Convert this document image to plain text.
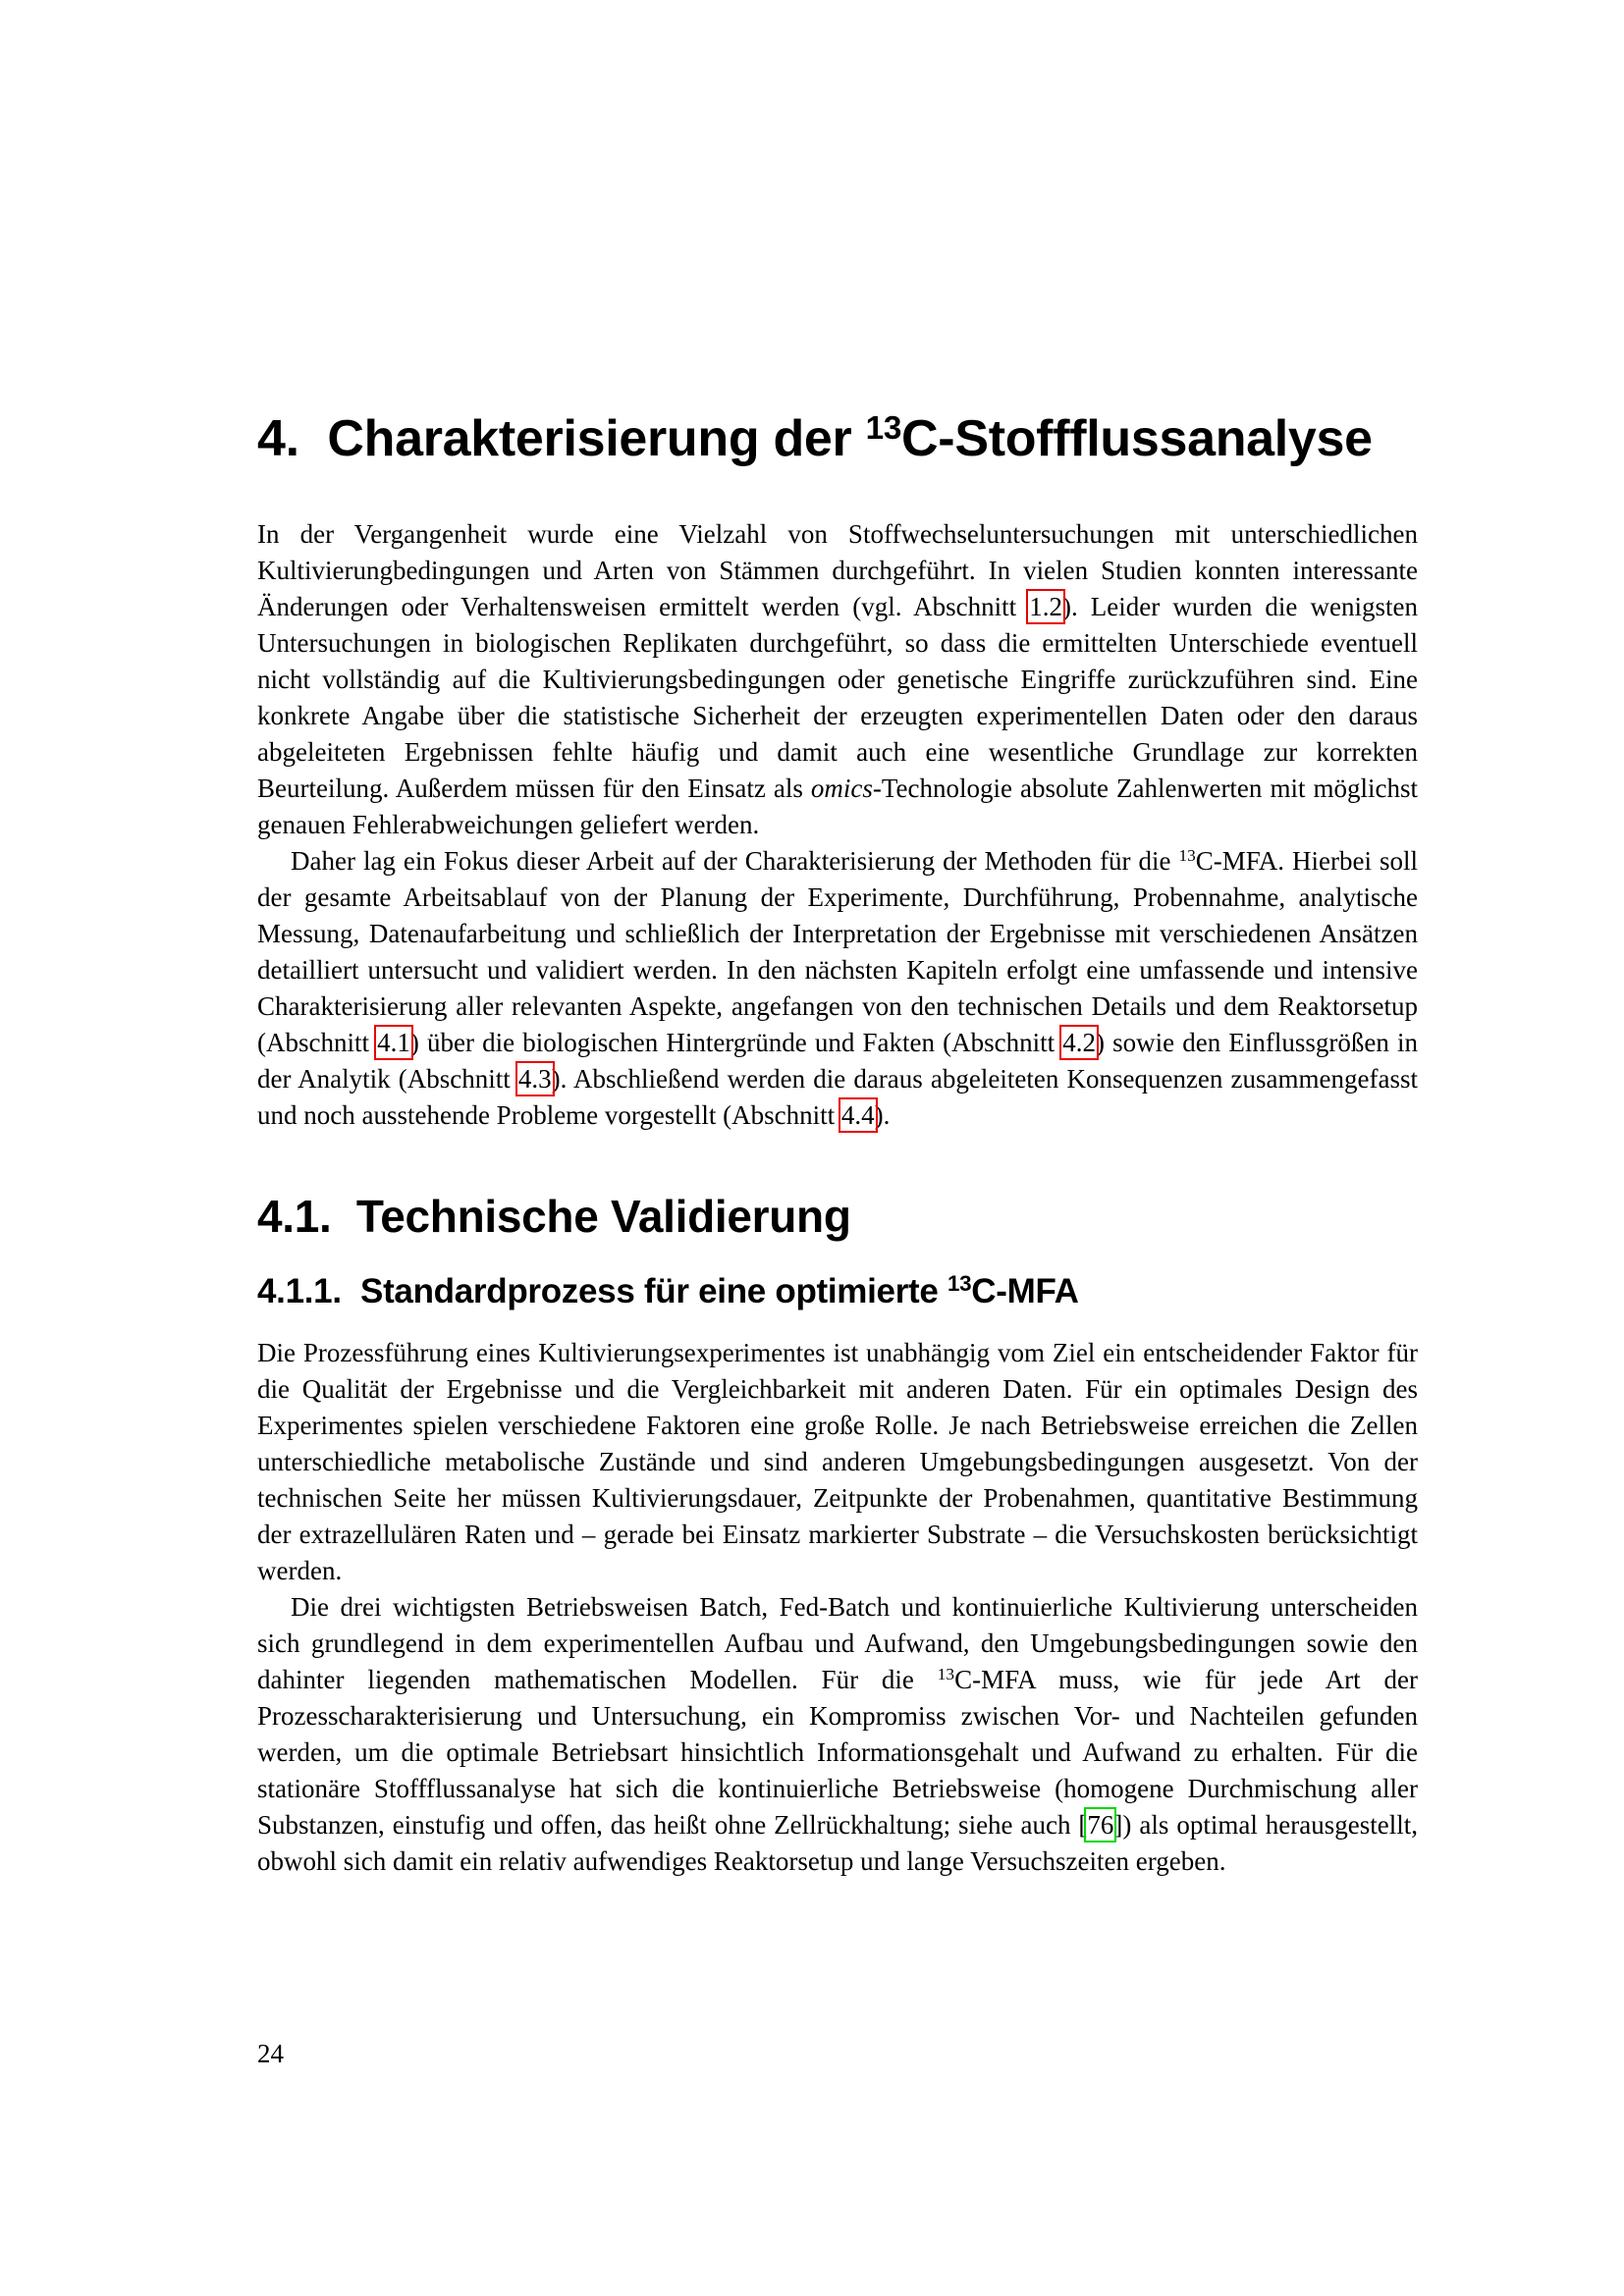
4. Charakterisierung der $^{13}$C-Stoffflussanalyse

In der Vergangenheit wurde eine Vielzahl von Stoffwechseluntersuchungen mit unterschiedlichen Kultivierungbedingungen und Arten von Stämmen durchgeführt. In vielen Studien konnten interessante Änderungen oder Verhaltensweisen ermittelt werden (vgl. Abschnitt 1.2). Leider wurden die wenigsten Untersuchungen in biologischen Replikaten durchgeführt, so dass die ermittelten Unterschiede eventuell nicht vollständig auf die Kultivierungsbedingungen oder genetische Eingriffe zurückzuführen sind. Eine konkrete Angabe über die statistische Sicherheit der erzeugten experimentellen Daten oder den daraus abgeleiteten Ergebnissen fehlte häufig und damit auch eine wesentliche Grundlage zur korrekten Beurteilung. Außerdem müssen für den Einsatz als omics-Technologie absolute Zahlenwerten mit möglichst genauen Fehlerabweichungen geliefert werden.

Daher lag ein Fokus dieser Arbeit auf der Charakterisierung der Methoden für die $^{13}$C-MFA. Hierbei soll der gesamte Arbeitsablauf von der Planung der Experimente, Durchführung, Probennahme, analytische Messung, Datenaufarbeitung und schließlich der Interpretation der Ergebnisse mit verschiedenen Ansätzen detailliert untersucht und validiert werden. In den nächsten Kapiteln erfolgt eine umfassende und intensive Charakterisierung aller relevanten Aspekte, angefangen von den technischen Details und dem Reaktorsetup (Abschnitt 4.1) über die biologischen Hintergründe und Fakten (Abschnitt 4.2) sowie den Einflussgrößen in der Analytik (Abschnitt 4.3). Abschließend werden die daraus abgeleiteten Konsequenzen zusammengefasst und noch ausstehende Probleme vorgestellt (Abschnitt 4.4).

4.1. Technische Validierung
4.1.1. Standardprozess für eine optimierte $^{13}$C-MFA

Die Prozessführung eines Kultivierungsexperimentes ist unabhängig vom Ziel ein entscheidender Faktor für die Qualität der Ergebnisse und die Vergleichbarkeit mit anderen Daten. Für ein optimales Design des Experimentes spielen verschiedene Faktoren eine große Rolle. Je nach Betriebsweise erreichen die Zellen unterschiedliche metabolische Zustände und sind anderen Umgebungsbedingungen ausgesetzt. Von der technischen Seite her müssen Kultivierungsdauer, Zeitpunkte der Probenahmen, quantitative Bestimmung der extrazellulären Raten und – gerade bei Einsatz markierter Substrate – die Versuchskosten berücksichtigt werden.

Die drei wichtigsten Betriebsweisen Batch, Fed-Batch und kontinuierliche Kultivierung unterscheiden sich grundlegend in dem experimentellen Aufbau und Aufwand, den Umgebungsbedingungen sowie den dahinter liegenden mathematischen Modellen. Für die $^{13}$C-MFA muss, wie für jede Art der Prozesscharakterisierung und Untersuchung, ein Kompromiss zwischen Vor- und Nachteilen gefunden werden, um die optimale Betriebsart hinsichtlich Informationsgehalt und Aufwand zu erhalten. Für die stationäre Stoffflussanalyse hat sich die kontinuierliche Betriebsweise (homogene Durchmischung aller Substanzen, einstufig und offen, das heißt ohne Zellrückhaltung; siehe auch [76]) als optimal herausgestellt, obwohl sich damit ein relativ aufwendiges Reaktorsetup und lange Versuchszeiten ergeben.

24
